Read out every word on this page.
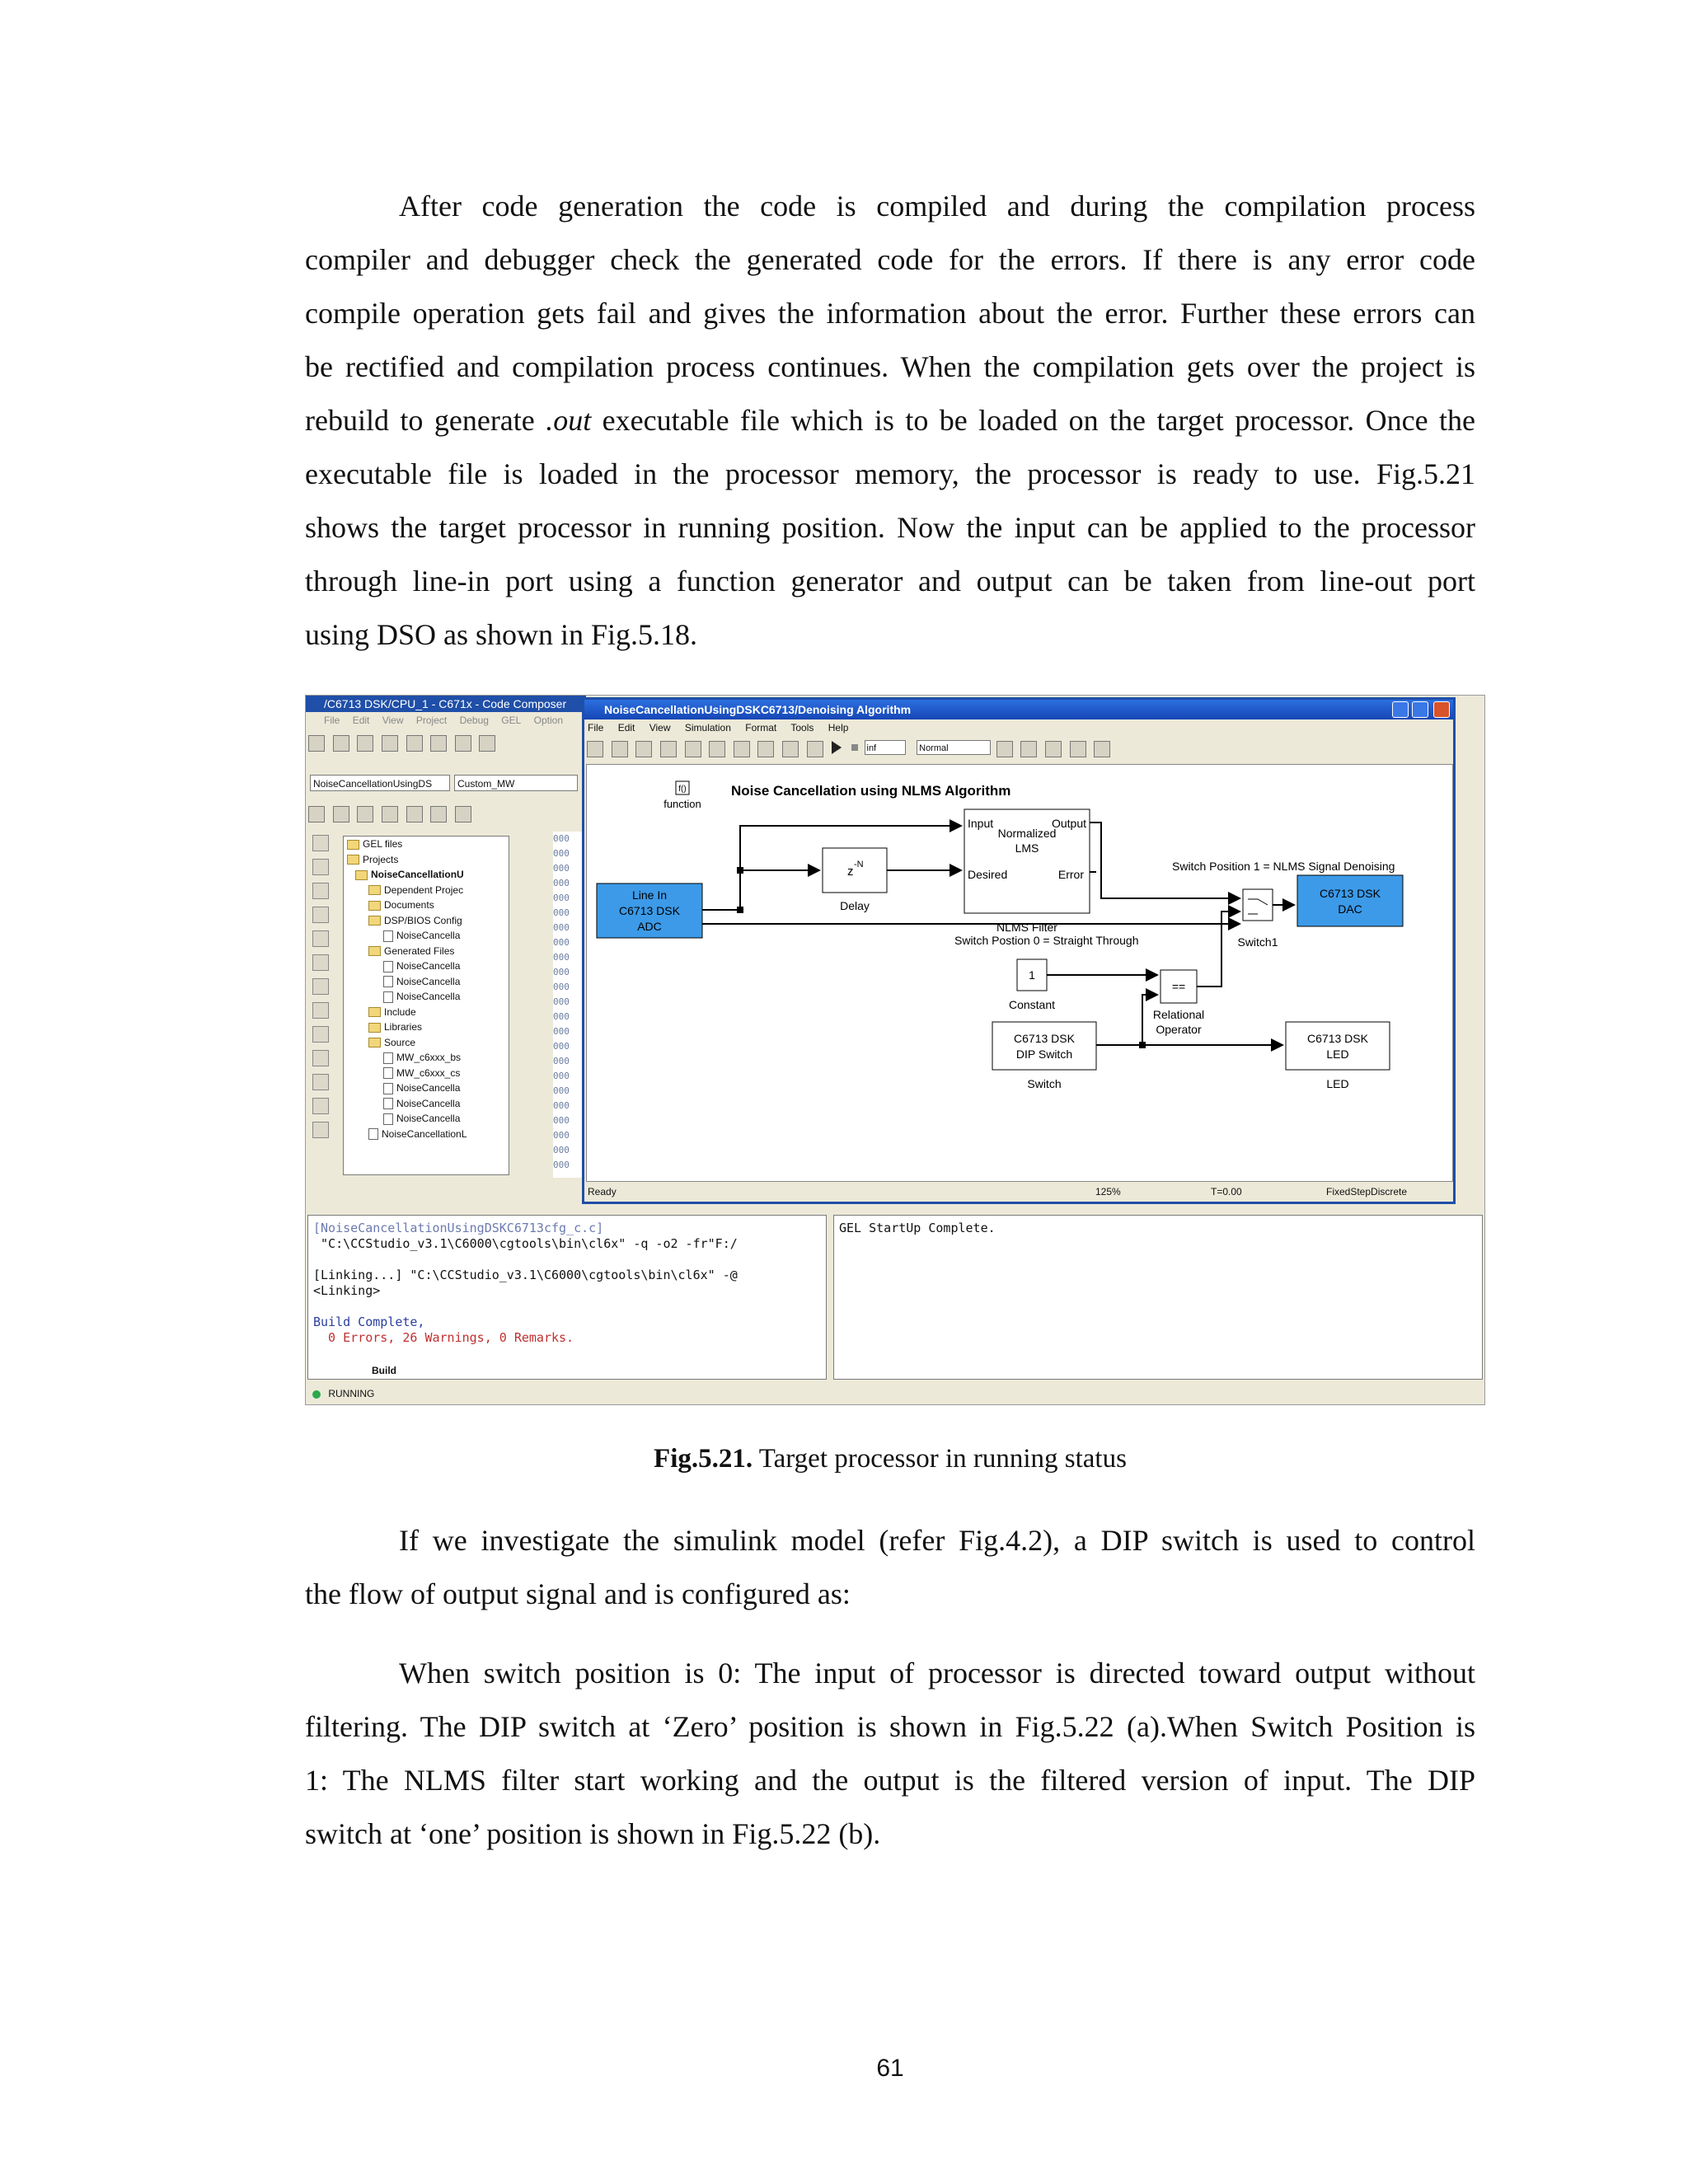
After code generation the code is compiled and during the compilation process
compiler and debugger check the generated code for the errors. If there is any error code
compile operation gets fail and gives the information about the error. Further these errors can
be rectified and compilation process continues. When the compilation gets over the project is
rebuild to generate .out executable file which is to be loaded on the target processor. Once the
executable file is loaded in the processor memory, the processor is ready to use. Fig.5.21
shows the target processor in running position. Now the input can be applied to the processor
through line-in port using a function generator and output can be taken from line-out port
using DSO as shown in Fig.5.18.
/C6713 DSK/CPU_1 - C671x - Code Composer
File Edit View Project Debug GEL Option

NoiseCancellationUsingDS	Custom_MW

GEL files
Projects
NoiseCancellationU
Dependent Projec
Documents
DSP/BIOS Config
NoiseCancella
Generated Files
NoiseCancella
NoiseCancella
NoiseCancella
Include
Libraries
Source
MW_c6xxx_bs
MW_c6xxx_cs
NoiseCancella
NoiseCancella
NoiseCancella
NoiseCancellationL
000
000
000
000
000
000
000
000
000
000
000
000
000
000
000
000
000
000
000
000
000
000
000
[NoiseCancellationUsingDSKC6713cfg_c.c]
"C:\CCStudio_v3.1\C6000\cgtools\bin\cl6x" -q -o2 -fr"F:/
[Linking...] "C:\CCStudio_v3.1\C6000\cgtools\bin\cl6x" -@
<Linking>
Build Complete,
0 Errors, 26 Warnings, 0 Remarks.
Build
GEL StartUp Complete.
RUNNING
NoiseCancellationUsingDSKC6713/Denoising Algorithm
File Edit View Simulation Format Tools Help
inf	Normal
Noise Cancellation using NLMS Algorithm
f()
function
Line In
C6713 DSK
ADC
z -N
Delay
Input	Output
Normalized
LMS
Desired	Error
NLMS Filter
Switch1
Switch Position 1 = NLMS Signal Denoising
Switch Postion 0 = Straight Through
C6713 DSK
DAC
1
Constant
==
Relational
Operator
C6713 DSK
DIP Switch
Switch
C6713 DSK
LED
LED
Ready	125%	T=0.00	FixedStepDiscrete
Fig.5.21. Target processor in running status
If we investigate the simulink model (refer Fig.4.2), a DIP switch is used to control
the flow of output signal and is configured as:
When switch position is 0: The input of processor is directed toward output without
filtering. The DIP switch at ‘Zero’ position is shown in Fig.5.22 (a).When Switch Position is
1: The NLMS filter start working and the output is the filtered version of input. The DIP
switch at ‘one’ position is shown in Fig.5.22 (b).
61
